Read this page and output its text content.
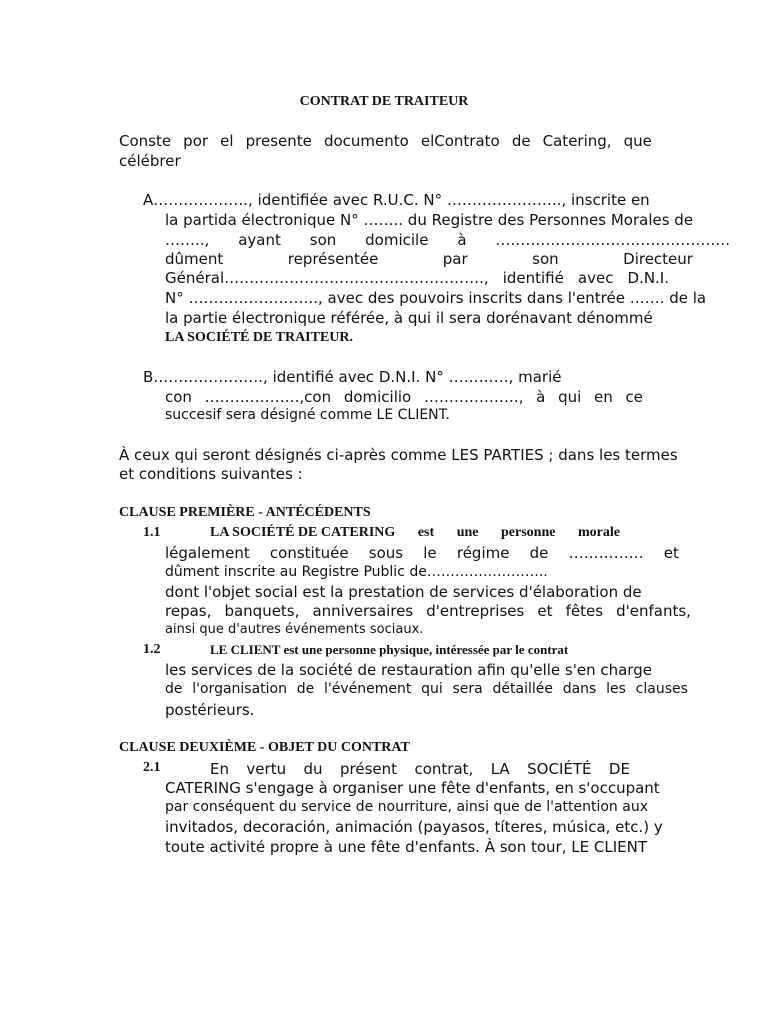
CONTRAT DE TRAITEUR
Conste por el presente documento elContrato de Catering, que
célébrer
A………………., identifiée avec R.U.C. N° ………………….., inscrite en
la partida électronique N° …….. du Registre des Personnes Morales de
…….., ayant son domicile à ………………………………………..
dûment	représentée	par	son	Directeur
Général……………………………………………., identifié avec D.N.I.
N° …………………….., avec des pouvoirs inscrits dans l'entrée ……. de la
la partie électronique référée, à qui il sera dorénavant dénommé
LA SOCIÉTÉ DE TRAITEUR.
B…………………., identifié avec D.N.I. N° …………, marié
con ……………….,con domicilio ………………., à qui en ce
succesif sera désigné comme LE CLIENT.
À ceux qui seront désignés ci-après comme LES PARTIES ; dans les termes
et conditions suivantes :
CLAUSE PREMIÈRE - ANTÉCÉDENTS
1.1	LA SOCIÉTÉ DE CATERING est une personne morale
légalement constituée sous le régime de …………… et
dûment inscrite au Registre Public de……………………..
dont l'objet social est la prestation de services d'élaboration de
repas, banquets, anniversaires d'entreprises et fêtes d'enfants,
ainsi que d'autres événements sociaux.
1.2	LE CLIENT est une personne physique, intéressée par le contrat
les services de la société de restauration afin qu'elle s'en charge
de l'organisation de l'événement qui sera détaillée dans les clauses
postérieurs.
CLAUSE DEUXIÈME - OBJET DU CONTRAT
2.1	En vertu du présent contrat, LA SOCIÉTÉ DE
CATERING s'engage à organiser une fête d'enfants, en s'occupant
par conséquent du service de nourriture, ainsi que de l'attention aux
invitados, decoración, animación (payasos, títeres, música, etc.) y
toute activité propre à une fête d'enfants. À son tour, LE CLIENT
